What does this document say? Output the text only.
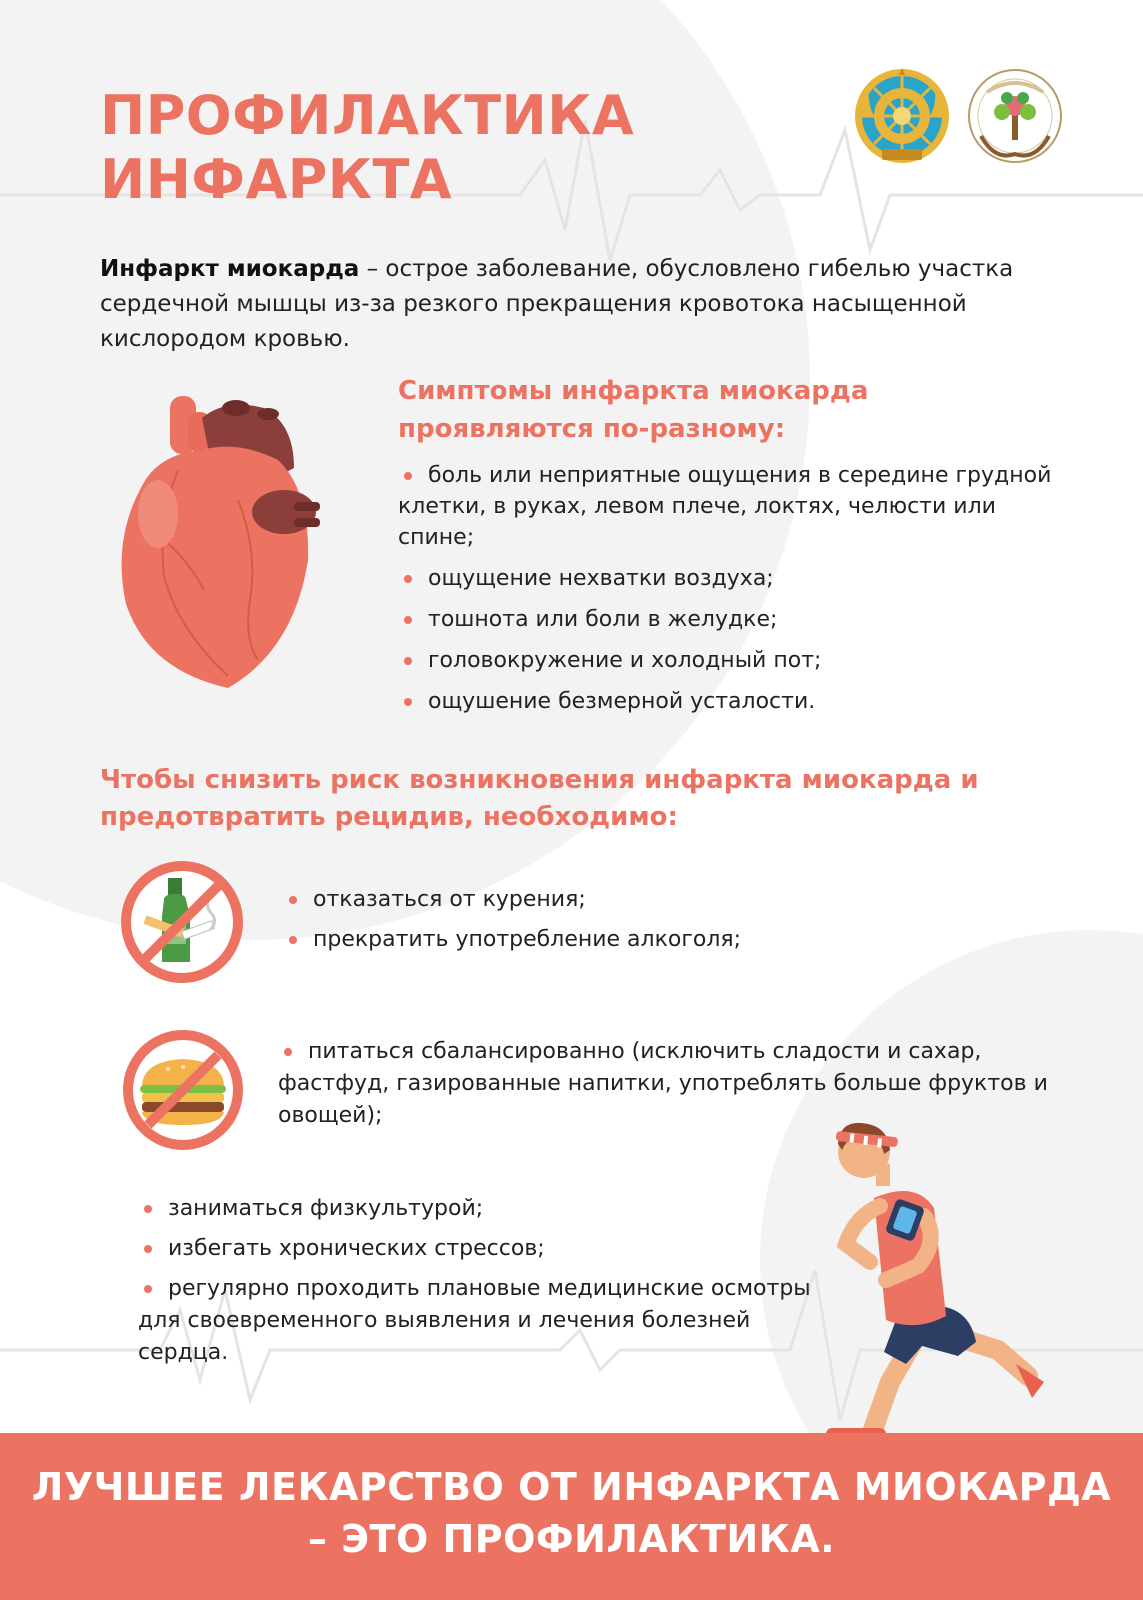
ПРОФИЛАКТИКА
ИНФАРКТА

Инфаркт миокарда – острое заболевание, обусловлено гибелью участка сердечной мышцы из-за резкого прекращения кровотока насыщенной кислородом кровью.

Симптомы инфаркта миокарда проявляются по-разному:
боль или неприятные ощущения в середине грудной клетки, в руках, левом плече, локтях, челюсти или спине;
ощущение нехватки воздуха;
тошнота или боли в желудке;
головокружение и холодный пот;
ощушение безмерной усталости.
Чтобы снизить риск возникновения инфаркта миокарда и предотвратить рецидив, необходимо:
отказаться от курения;
прекратить употребление алкоголя;
питаться сбалансированно (исключить сладости и сахар, фастфуд, газированные напитки, употреблять больше фруктов и овощей);
заниматься физкультурой;
избегать хронических стрессов;
регулярно проходить плановые медицинские осмотры для своевременного выявления и лечения болезней сердца.

ЛУЧШЕЕ ЛЕКАРСТВО ОТ ИНФАРКТА МИОКАРДА
– ЭТО ПРОФИЛАКТИКА.
